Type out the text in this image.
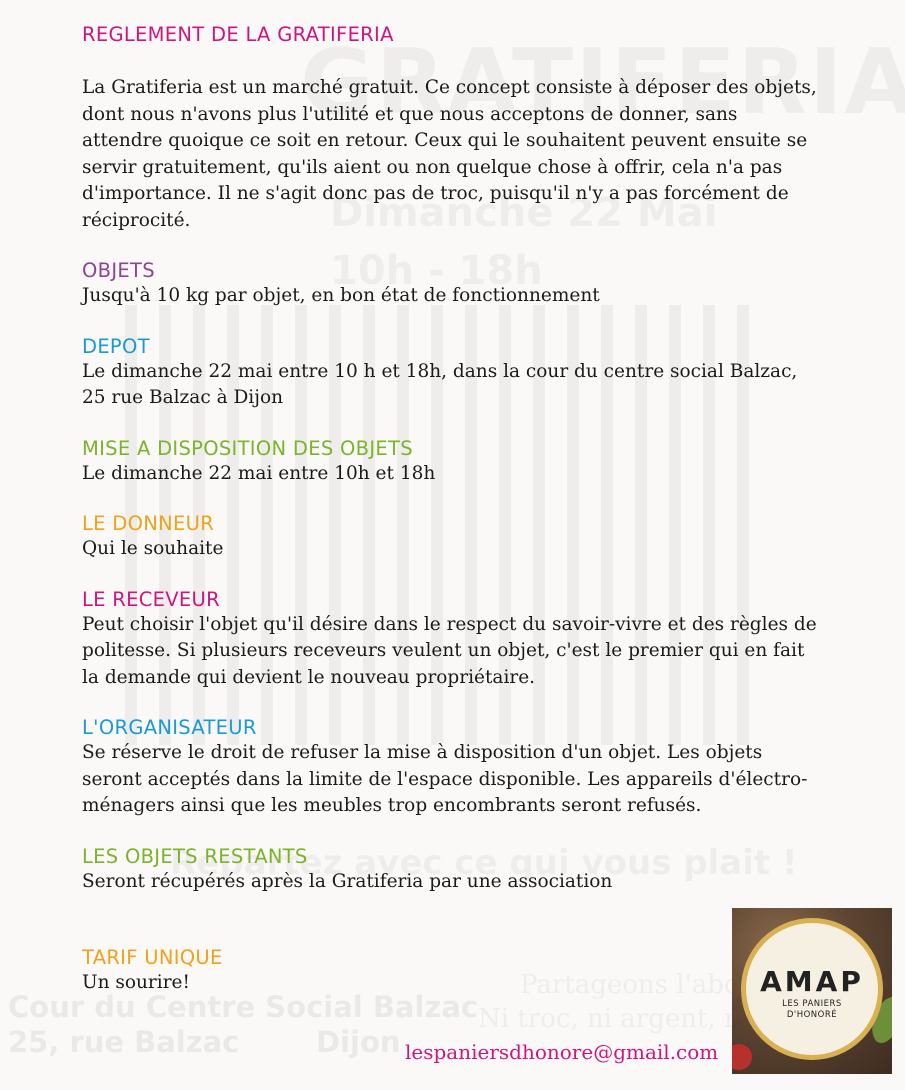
Cour du Centre Social Balzac
25, rue Balzac	Dijon
REGLEMENT DE LA GRATIFERIA

La Gratiferia est un marché gratuit. Ce concept consiste à déposer des objets, dont nous n'avons plus l'utilité et que nous acceptons de donner, sans attendre quoique ce soit en retour. Ceux qui le souhaitent peuvent ensuite se servir gratuitement, qu'ils aient ou non quelque chose à offrir, cela n'a pas d'importance. Il ne s'agit donc pas de troc, puisqu'il n'y a pas forcément de réciprocité.

OBJETS

Jusqu'à 10 kg par objet, en bon état de fonctionnement

DEPOT

Le dimanche 22 mai entre 10 h et 18h, dans la cour du centre social Balzac, 25 rue Balzac à Dijon

MISE A DISPOSITION DES OBJETS

Le dimanche 22 mai entre 10h et 18h

LE DONNEUR

Qui le souhaite

LE RECEVEUR

Peut choisir l'objet qu'il désire dans le respect du savoir-vivre et des règles de politesse. Si plusieurs receveurs veulent un objet, c'est le premier qui en fait la demande qui devient le nouveau propriétaire.

L'ORGANISATEUR

Se réserve le droit de refuser la mise à disposition d'un objet. Les objets seront acceptés dans la limite de l'espace disponible. Les appareils d'électro-ménagers ainsi que les meubles trop encombrants seront refusés.

LES OBJETS RESTANTS

Seront récupérés après la Gratiferia par une association

TARIF UNIQUE

Un sourire!

lespaniersdhonore@gmail.com
AMAP
LES PANIERS
D'HONORÉ
